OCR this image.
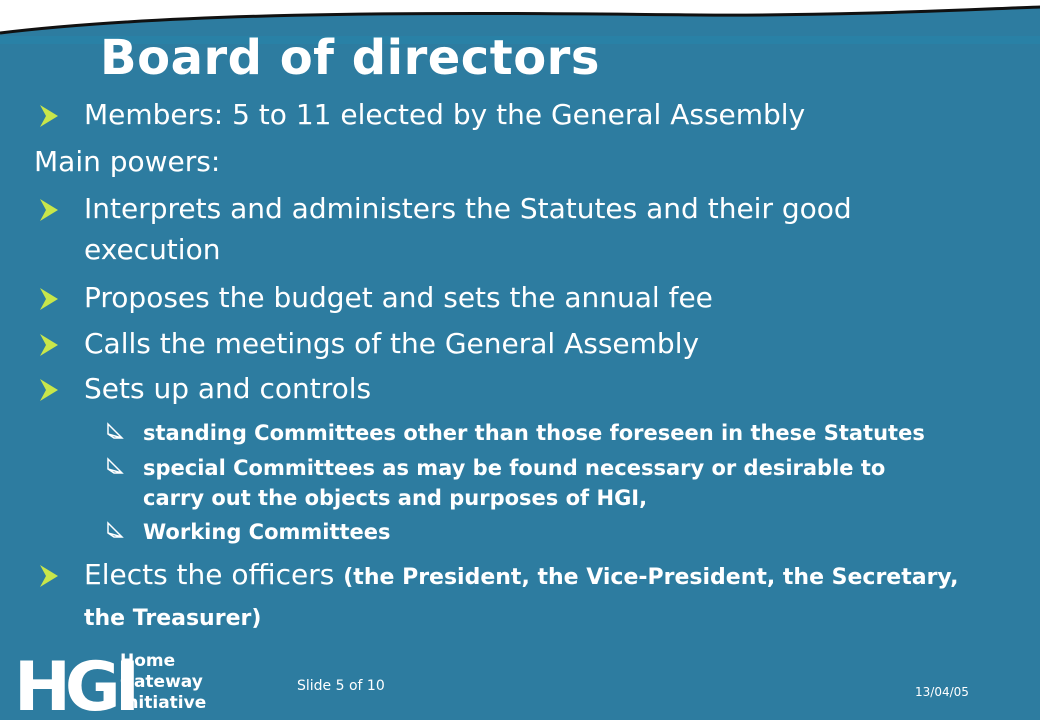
Board of directors
Members: 5 to 11 elected by the General Assembly
Main powers:
Interprets and administers the Statutes and their good
execution
Proposes the budget and sets the annual fee
Calls the meetings of the General Assembly
Sets up and controls
standing Committees other than those foreseen in these Statutes
special Committees as may be found necessary or desirable to
carry out the objects and purposes of HGI,
Working Committees
Elects the officers (the President, the Vice-President, the Secretary,
the Treasurer)
HGI
Home
Gateway
Initiative
Slide 5 of 10	13/04/05
